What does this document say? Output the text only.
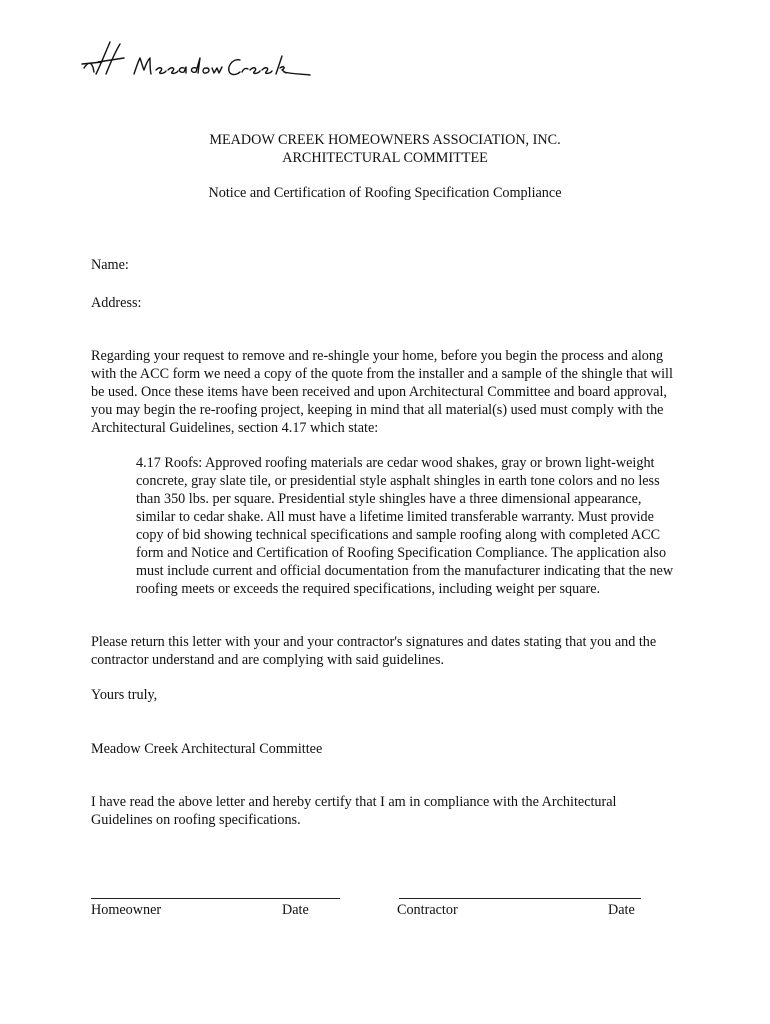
MEADOW CREEK HOMEOWNERS ASSOCIATION, INC.
ARCHITECTURAL COMMITTEE
Notice and Certification of Roofing Specification Compliance
Name:
Address:
Regarding your request to remove and re-shingle your home, before you begin the process and along with the ACC form we need a copy of the quote from the installer and a sample of the shingle that will be used. Once these items have been received and upon Architectural Committee and board approval, you may begin the re-roofing project, keeping in mind that all material(s) used must comply with the Architectural Guidelines, section 4.17 which state:
4.17 Roofs: Approved roofing materials are cedar wood shakes, gray or brown light-weight concrete, gray slate tile, or presidential style asphalt shingles in earth tone colors and no less than 350 lbs. per square. Presidential style shingles have a three dimensional appearance, similar to cedar shake. All must have a lifetime limited transferable warranty. Must provide copy of bid showing technical specifications and sample roofing along with completed ACC form and Notice and Certification of Roofing Specification Compliance. The application also must include current and official documentation from the manufacturer indicating that the new roofing meets or exceeds the required specifications, including weight per square.
Please return this letter with your and your contractor's signatures and dates stating that you and the contractor understand and are complying with said guidelines.
Yours truly,
Meadow Creek Architectural Committee
I have read the above letter and hereby certify that I am in compliance with the Architectural Guidelines on roofing specifications.
Homeowner	Date	Contractor	Date
